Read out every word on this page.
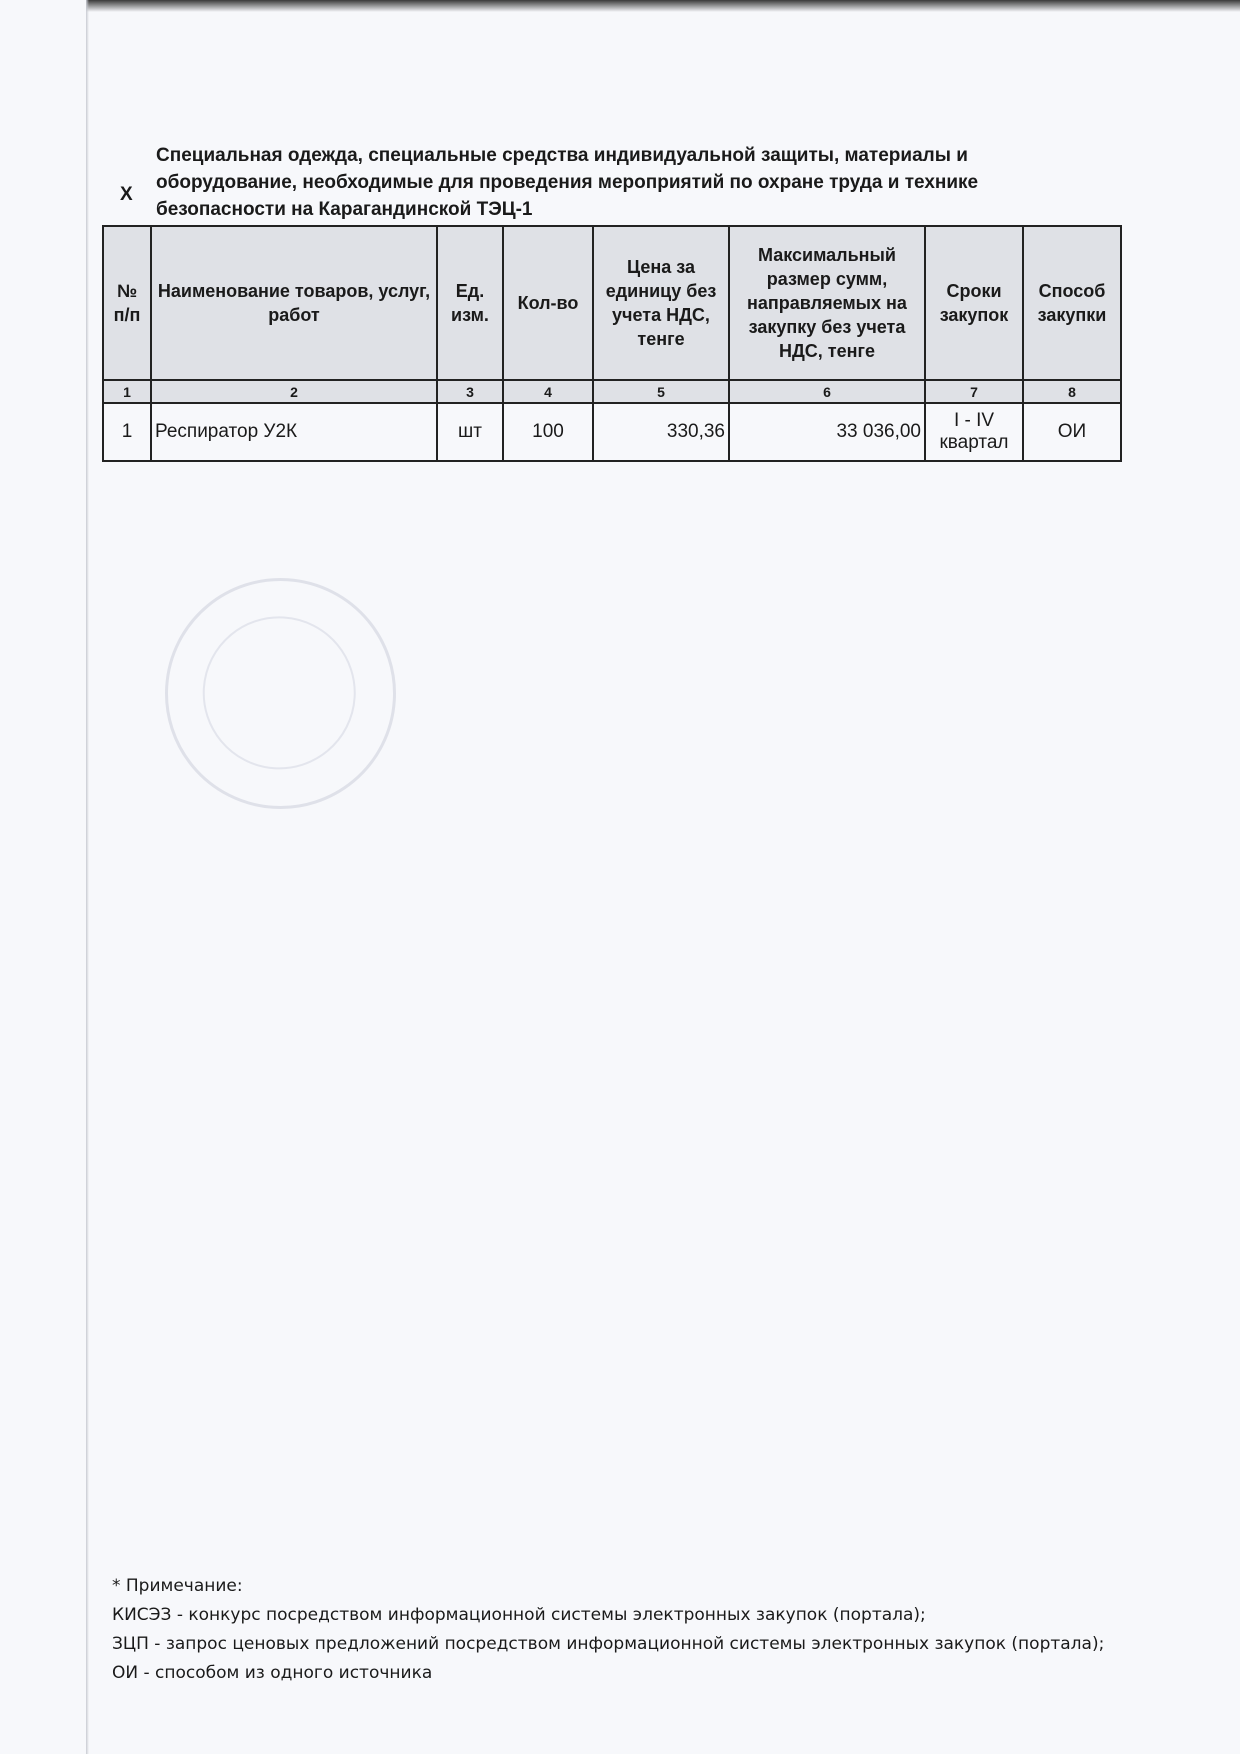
X
Специальная одежда, специальные средства индивидуальной защиты, материалы и оборудование, необходимые для проведения мероприятий по охране труда и технике безопасности на Карагандинской ТЭЦ-1
№ п/п	Наименование товаров, услуг, работ	Ед. изм.	Кол-во	Цена за единицу без учета НДС, тенге	Максимальный размер сумм, направляемых на закупку без учета НДС, тенге	Сроки закупок	Способ закупки
1	2	3	4	5	6	7	8
1	Респиратор У2К	шт	100	330,36	33 036,00	I - IV квартал	ОИ
* Примечание:
КИСЭЗ - конкурс посредством информационной системы электронных закупок (портала);
ЗЦП - запрос ценовых предложений посредством информационной системы электронных закупок (портала);
ОИ - способом из одного источника
